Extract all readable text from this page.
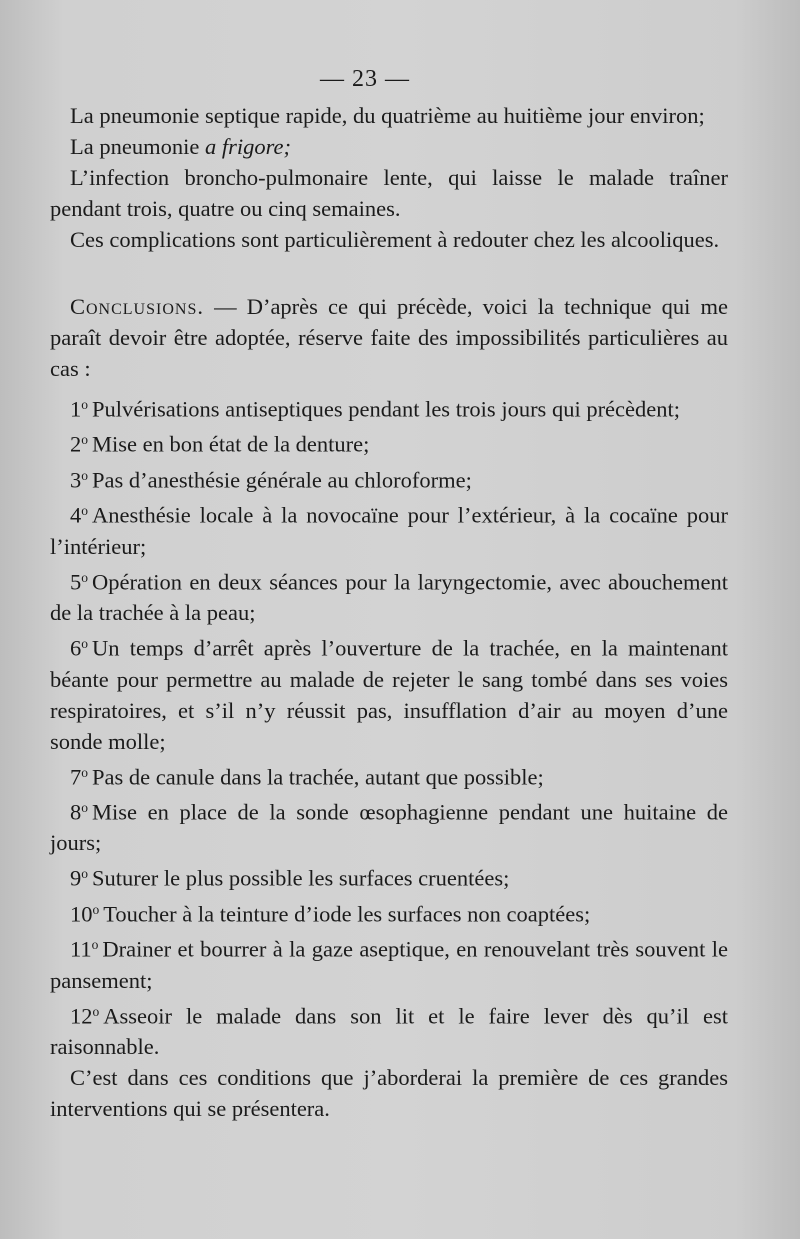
— 23 —

La pneumonie septique rapide, du quatrième au huitième jour environ;

La pneumonie a frigore;

L’infection broncho-pulmonaire lente, qui laisse le malade traîner pendant trois, quatre ou cinq semaines.

Ces complications sont particulièrement à redouter chez les alcooliques.

Conclusions. — D’après ce qui précède, voici la technique qui me paraît devoir être adoptée, réserve faite des impossibilités particulières au cas :

1$^o$ Pulvérisations antiseptiques pendant les trois jours qui précèdent;

2$^o$ Mise en bon état de la denture;

3$^o$ Pas d’anesthésie générale au chloroforme;

4$^o$ Anesthésie locale à la novocaïne pour l’extérieur, à la cocaïne pour l’intérieur;

5$^o$ Opération en deux séances pour la laryngectomie, avec abouchement de la trachée à la peau;

6$^o$ Un temps d’arrêt après l’ouverture de la trachée, en la maintenant béante pour permettre au malade de rejeter le sang tombé dans ses voies respiratoires, et s’il n’y réussit pas, insufflation d’air au moyen d’une sonde molle;

7$^o$ Pas de canule dans la trachée, autant que possible;

8$^o$ Mise en place de la sonde œsophagienne pendant une huitaine de jours;

9$^o$ Suturer le plus possible les surfaces cruentées;

10$^o$ Toucher à la teinture d’iode les surfaces non coaptées;

11$^o$ Drainer et bourrer à la gaze aseptique, en renouvelant très souvent le pansement;

12$^o$ Asseoir le malade dans son lit et le faire lever dès qu’il est raisonnable.

C’est dans ces conditions que j’aborderai la première de ces grandes interventions qui se présentera.
